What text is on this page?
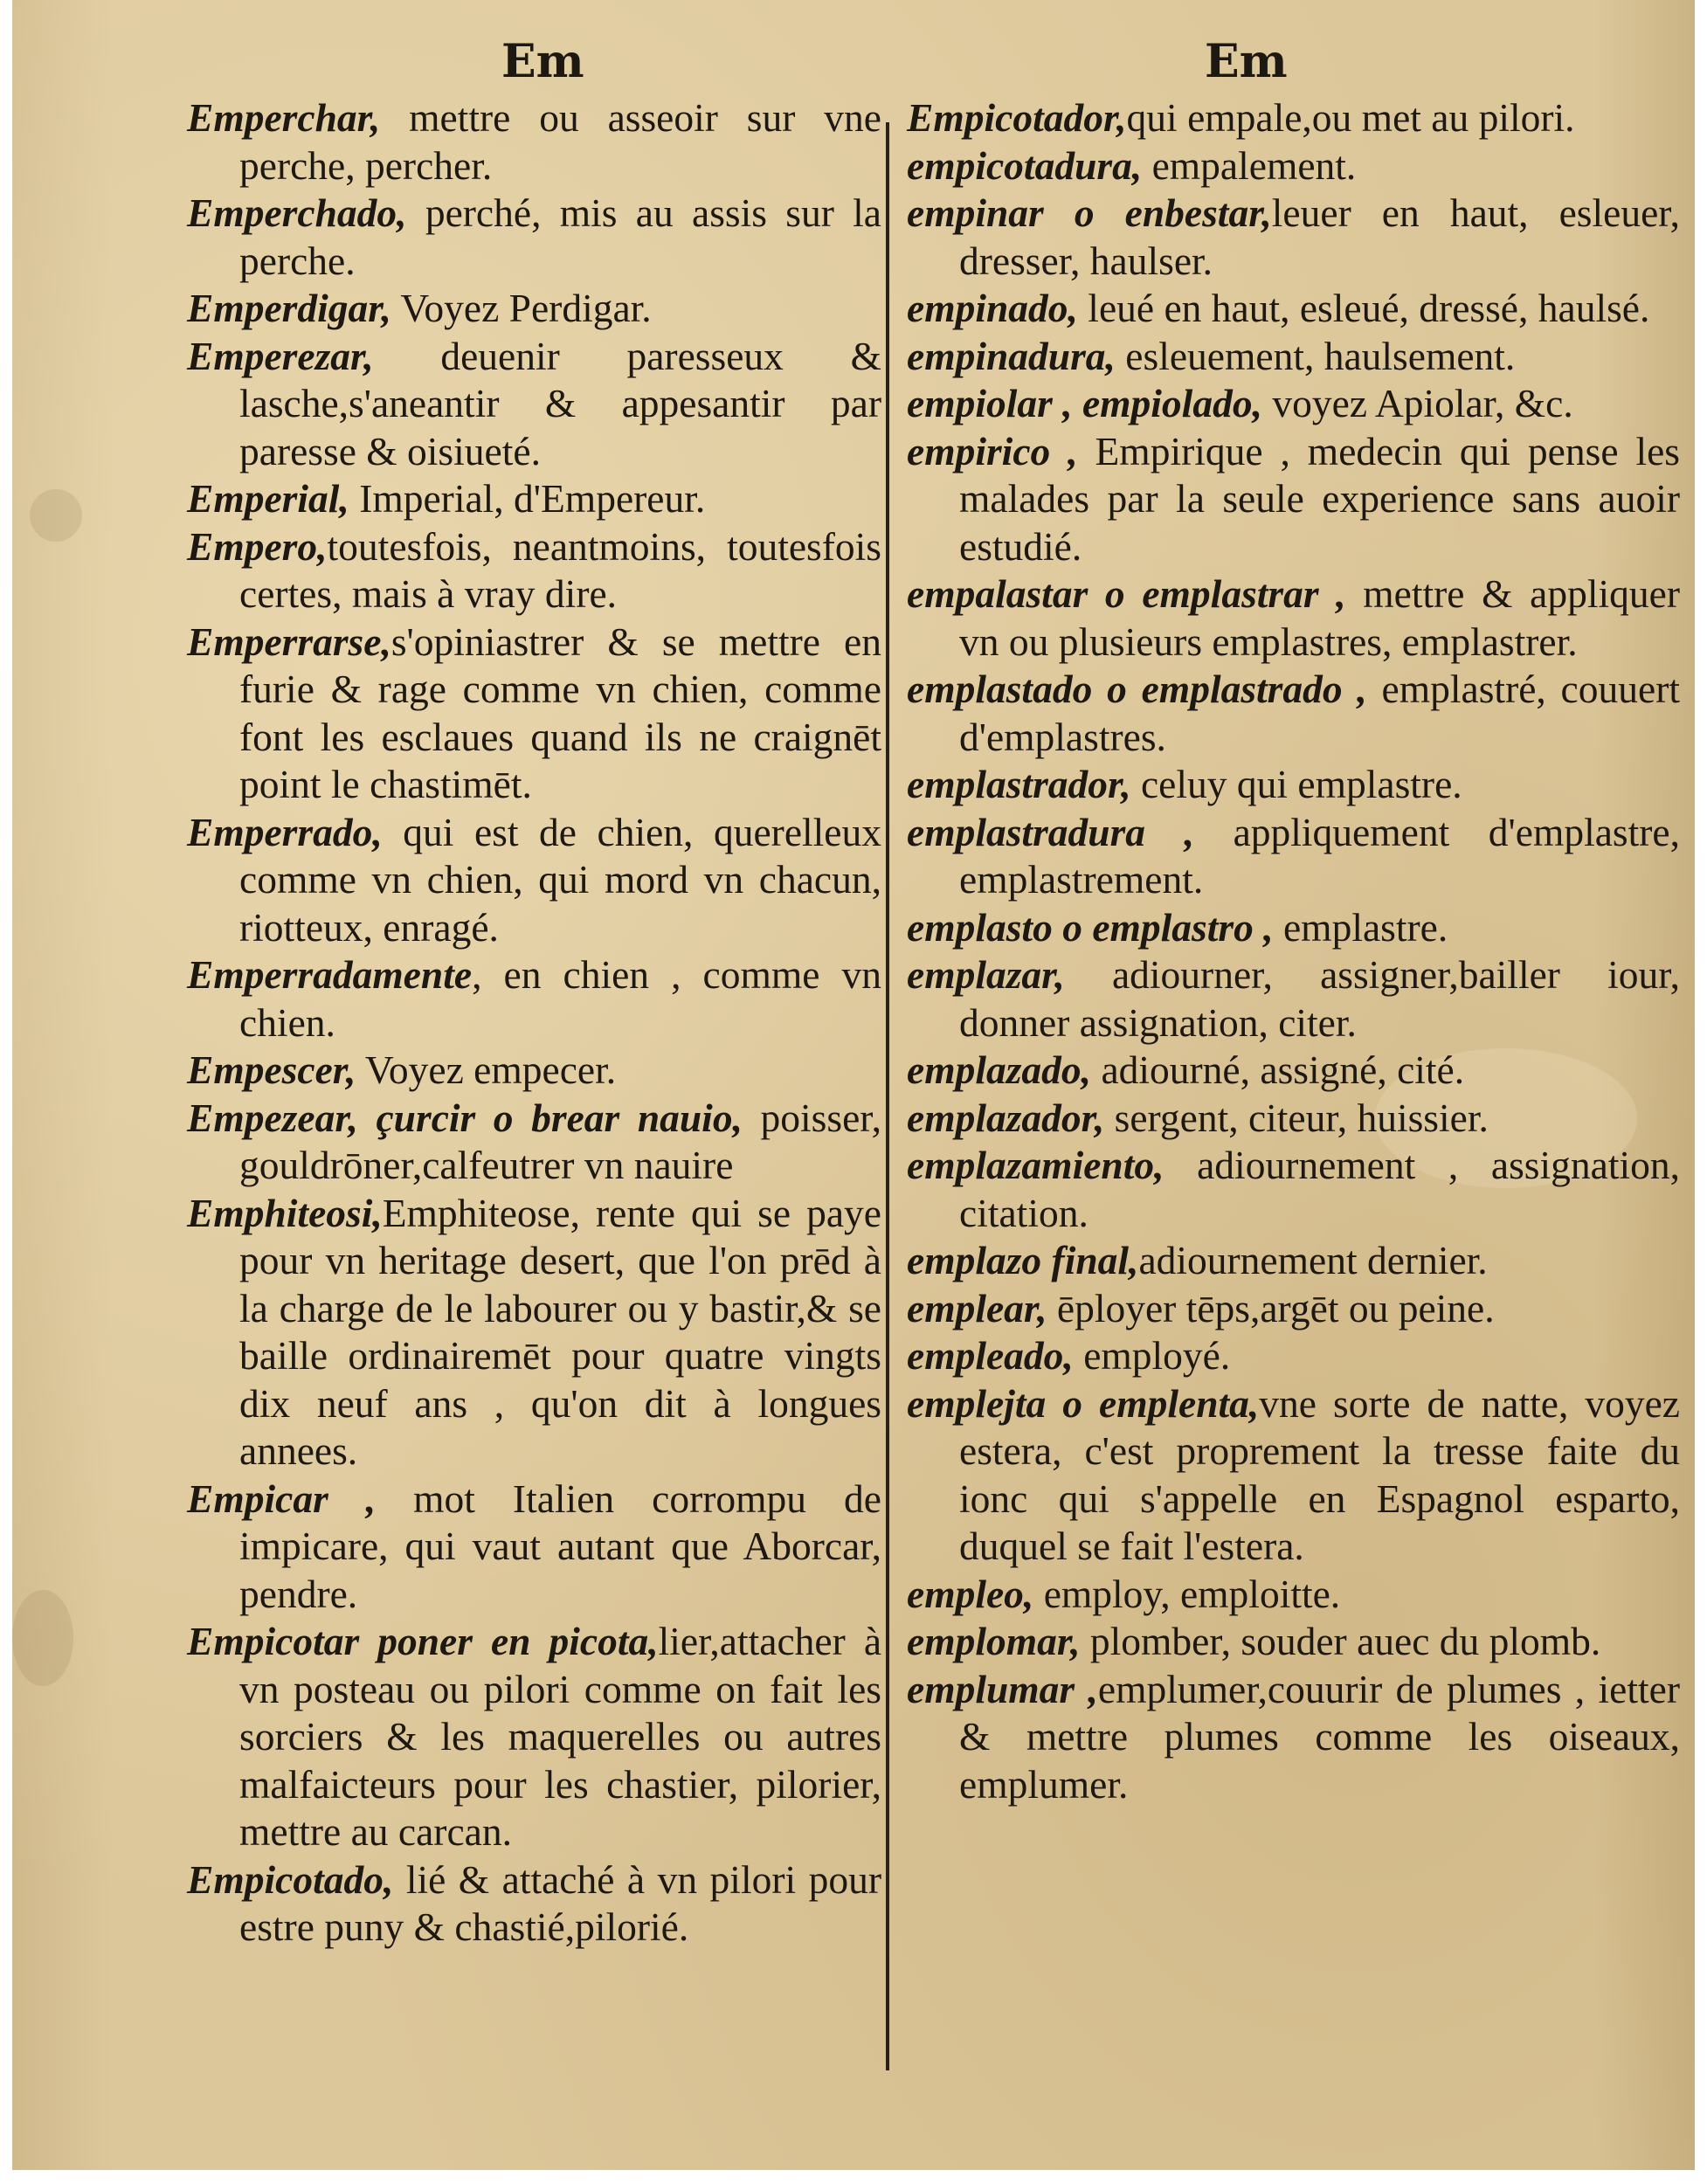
Em	Em

Emperchar, mettre ou asseoir sur vne perche, percher.

Emperchado, perché, mis au assis sur la perche.

Emperdigar, Voyez Perdigar.

Emperezar, deuenir paresseux & lasche,s'aneantir & appesantir par paresse & oisiueté.

Emperial, Imperial, d'Empereur.

Empero,toutesfois, neantmoins, toutesfois certes, mais à vray dire.

Emperrarse,s'opiniastrer & se mettre en furie & rage comme vn chien, comme font les esclaues quand ils ne craignēt point le chastimēt.

Emperrado, qui est de chien, querelleux comme vn chien, qui mord vn chacun, riotteux, enragé.

Emperradamente, en chien , comme vn chien.

Empescer, Voyez empecer.

Empezear, çurcir o brear nauio, poisser, gouldrōner,calfeutrer vn nauire

Emphiteosi,Emphiteose, rente qui se paye pour vn heritage desert, que l'on prēd à la charge de le labourer ou y bastir,& se baille ordinairemēt pour quatre vingts dix neuf ans , qu'on dit à longues annees.

Empicar , mot Italien corrompu de impicare, qui vaut autant que Aborcar, pendre.

Empicotar poner en picota,lier,attacher à vn posteau ou pilori comme on fait les sorciers & les maquerelles ou autres malfaicteurs pour les chastier, pilorier, mettre au carcan.

Empicotado, lié & attaché à vn pilori pour estre puny & chastié,pilorié.

Empicotador,qui empale,ou met au pilori.

empicotadura, empalement.

empinar o enbestar,leuer en haut, esleuer, dresser, haulser.

empinado, leué en haut, esleué, dressé, haulsé.

empinadura, esleuement, haulsement.

empiolar , empiolado, voyez Apiolar, &c.

empirico , Empirique , medecin qui pense les malades par la seule experience sans auoir estudié.

empalastar o emplastrar , mettre & appliquer vn ou plusieurs emplastres, emplastrer.

emplastado o emplastrado , emplastré, couuert d'emplastres.

emplastrador, celuy qui emplastre.

emplastradura , appliquement d'emplastre, emplastrement.

emplasto o emplastro , emplastre.

emplazar, adiourner, assigner,bailler iour, donner assignation, citer.

emplazado, adiourné, assigné, cité.

emplazador, sergent, citeur, huissier.

emplazamiento, adiournement , assignation, citation.

emplazo final,adiournement dernier.

emplear, ēployer tēps,argēt ou peine.

empleado, employé.

emplejta o emplenta,vne sorte de natte, voyez estera, c'est proprement la tresse faite du ionc qui s'appelle en Espagnol esparto, duquel se fait l'estera.

empleo, employ, emploitte.

emplomar, plomber, souder auec du plomb.

emplumar ,emplumer,couurir de plumes , ietter & mettre plumes comme les oiseaux, emplumer.
